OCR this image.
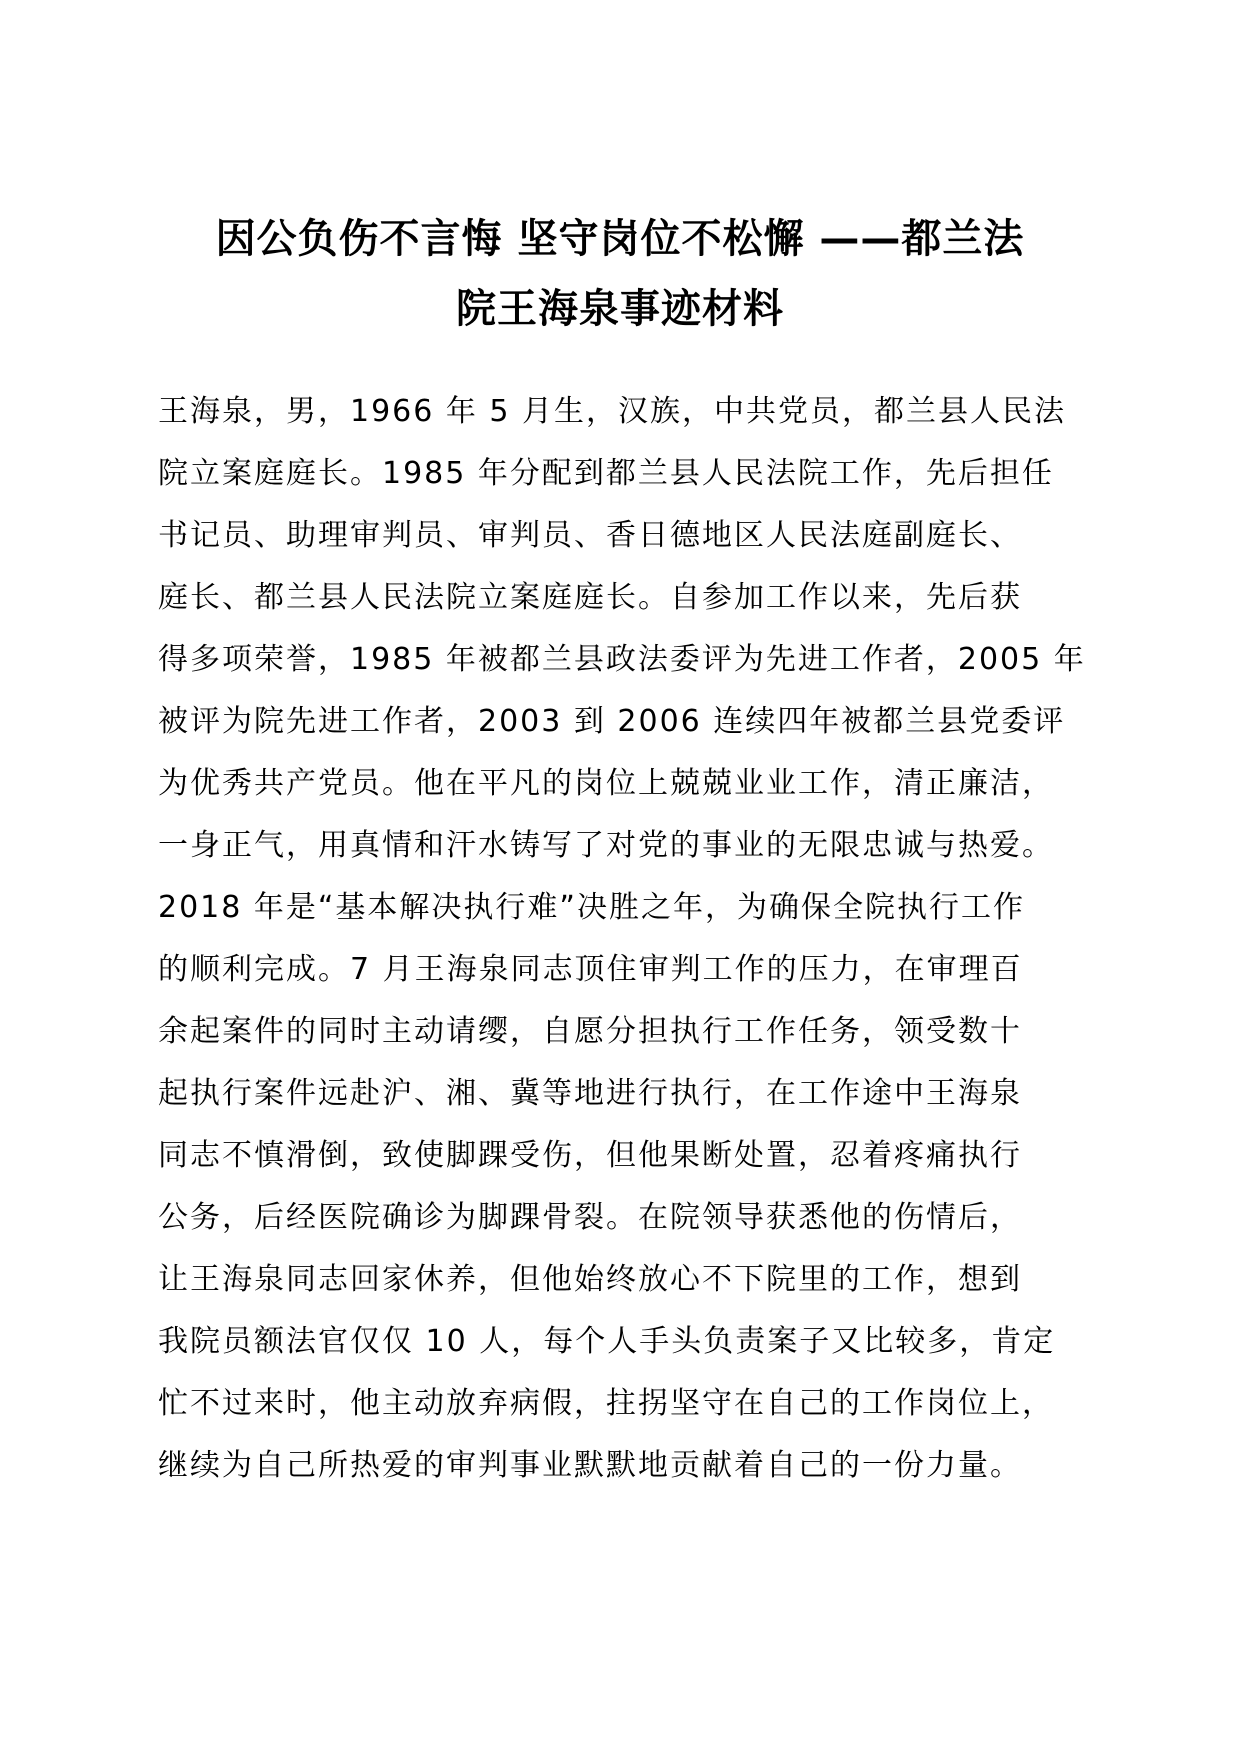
因公负伤不言悔 坚守岗位不松懈 ——都兰法
院王海泉事迹材料
王海泉，男，1966 年 5 月生，汉族，中共党员，都兰县人民法
院立案庭庭长。1985 年分配到都兰县人民法院工作，先后担任
书记员、助理审判员、审判员、香日德地区人民法庭副庭长、
庭长、都兰县人民法院立案庭庭长。自参加工作以来，先后获
得多项荣誉，1985 年被都兰县政法委评为先进工作者，2005 年
被评为院先进工作者，2003 到 2006 连续四年被都兰县党委评
为优秀共产党员。他在平凡的岗位上兢兢业业工作，清正廉洁，
一身正气，用真情和汗水铸写了对党的事业的无限忠诚与热爱。
2018 年是“基本解决执行难”决胜之年，为确保全院执行工作
的顺利完成。7 月王海泉同志顶住审判工作的压力，在审理百
余起案件的同时主动请缨，自愿分担执行工作任务，领受数十
起执行案件远赴沪、湘、冀等地进行执行，在工作途中王海泉
同志不慎滑倒，致使脚踝受伤，但他果断处置，忍着疼痛执行
公务，后经医院确诊为脚踝骨裂。在院领导获悉他的伤情后，
让王海泉同志回家休养，但他始终放心不下院里的工作，想到
我院员额法官仅仅 10 人，每个人手头负责案子又比较多，肯定
忙不过来时，他主动放弃病假，拄拐坚守在自己的工作岗位上，
继续为自己所热爱的审判事业默默地贡献着自己的一份力量。
